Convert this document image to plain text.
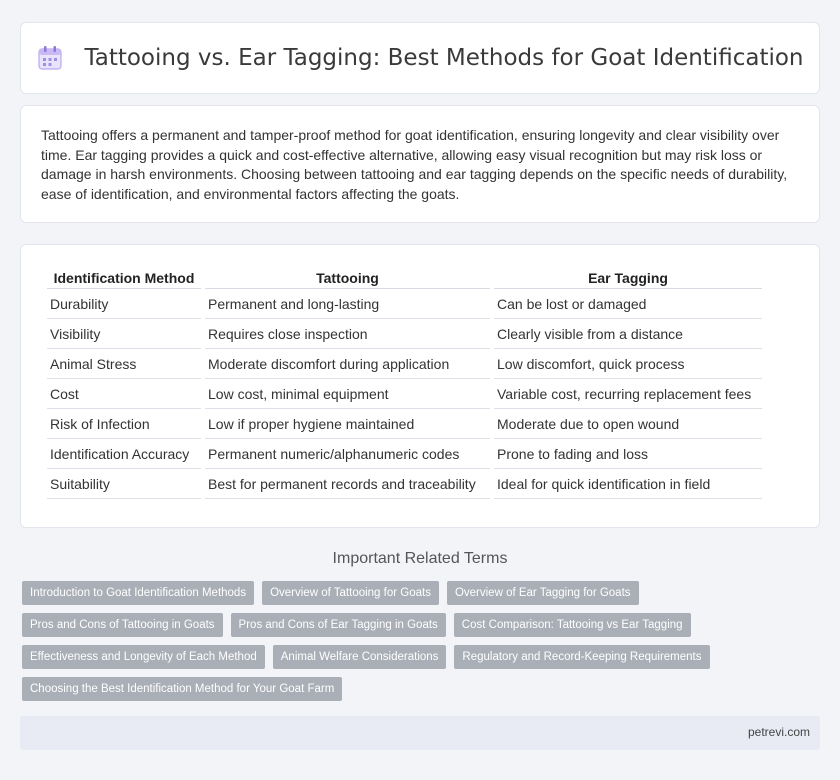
Tattooing vs. Ear Tagging: Best Methods for Goat Identification

Tattooing offers a permanent and tamper-proof method for goat identification, ensuring longevity and clear visibility over time. Ear tagging provides a quick and cost-effective alternative, allowing easy visual recognition but may risk loss or damage in harsh environments. Choosing between tattooing and ear tagging depends on the specific needs of durability, ease of identification, and environmental factors affecting the goats.

Identification Method	Tattooing	Ear Tagging
Durability	Permanent and long-lasting	Can be lost or damaged
Visibility	Requires close inspection	Clearly visible from a distance
Animal Stress	Moderate discomfort during application	Low discomfort, quick process
Cost	Low cost, minimal equipment	Variable cost, recurring replacement fees
Risk of Infection	Low if proper hygiene maintained	Moderate due to open wound
Identification Accuracy	Permanent numeric/alphanumeric codes	Prone to fading and loss
Suitability	Best for permanent records and traceability	Ideal for quick identification in field
Important Related Terms
Introduction to Goat Identification Methods	Overview of Tattooing for Goats	Overview of Ear Tagging for Goats
Pros and Cons of Tattooing in Goats	Pros and Cons of Ear Tagging in Goats	Cost Comparison: Tattooing vs Ear Tagging
Effectiveness and Longevity of Each Method	Animal Welfare Considerations	Regulatory and Record-Keeping Requirements
Choosing the Best Identification Method for Your Goat Farm
petrevi.com
